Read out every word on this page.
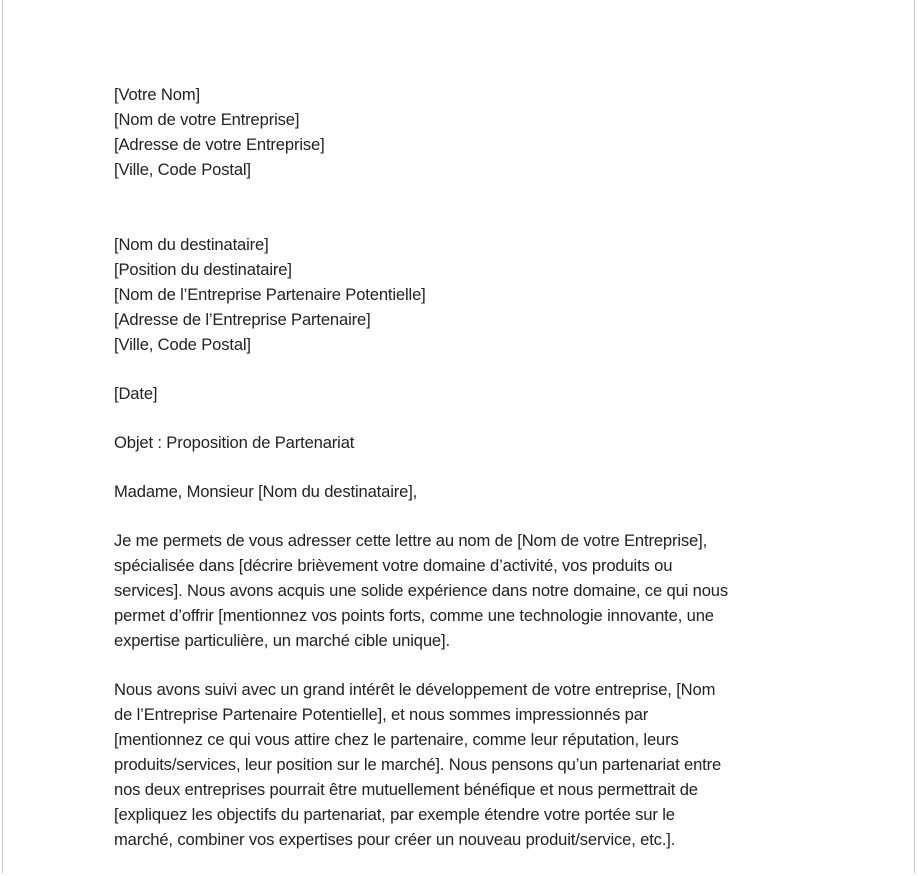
[Votre Nom]
[Nom de votre Entreprise]
[Adresse de votre Entreprise]
[Ville, Code Postal]
[Nom du destinataire]
[Position du destinataire]
[Nom de l’Entreprise Partenaire Potentielle]
[Adresse de l’Entreprise Partenaire]
[Ville, Code Postal]
[Date]
Objet : Proposition de Partenariat
Madame, Monsieur [Nom du destinataire],
Je me permets de vous adresser cette lettre au nom de [Nom de votre Entreprise],
spécialisée dans [décrire brièvement votre domaine d’activité, vos produits ou
services]. Nous avons acquis une solide expérience dans notre domaine, ce qui nous
permet d’offrir [mentionnez vos points forts, comme une technologie innovante, une
expertise particulière, un marché cible unique].
Nous avons suivi avec un grand intérêt le développement de votre entreprise, [Nom
de l’Entreprise Partenaire Potentielle], et nous sommes impressionnés par
[mentionnez ce qui vous attire chez le partenaire, comme leur réputation, leurs
produits/services, leur position sur le marché]. Nous pensons qu’un partenariat entre
nos deux entreprises pourrait être mutuellement bénéfique et nous permettrait de
[expliquez les objectifs du partenariat, par exemple étendre votre portée sur le
marché, combiner vos expertises pour créer un nouveau produit/service, etc.].
